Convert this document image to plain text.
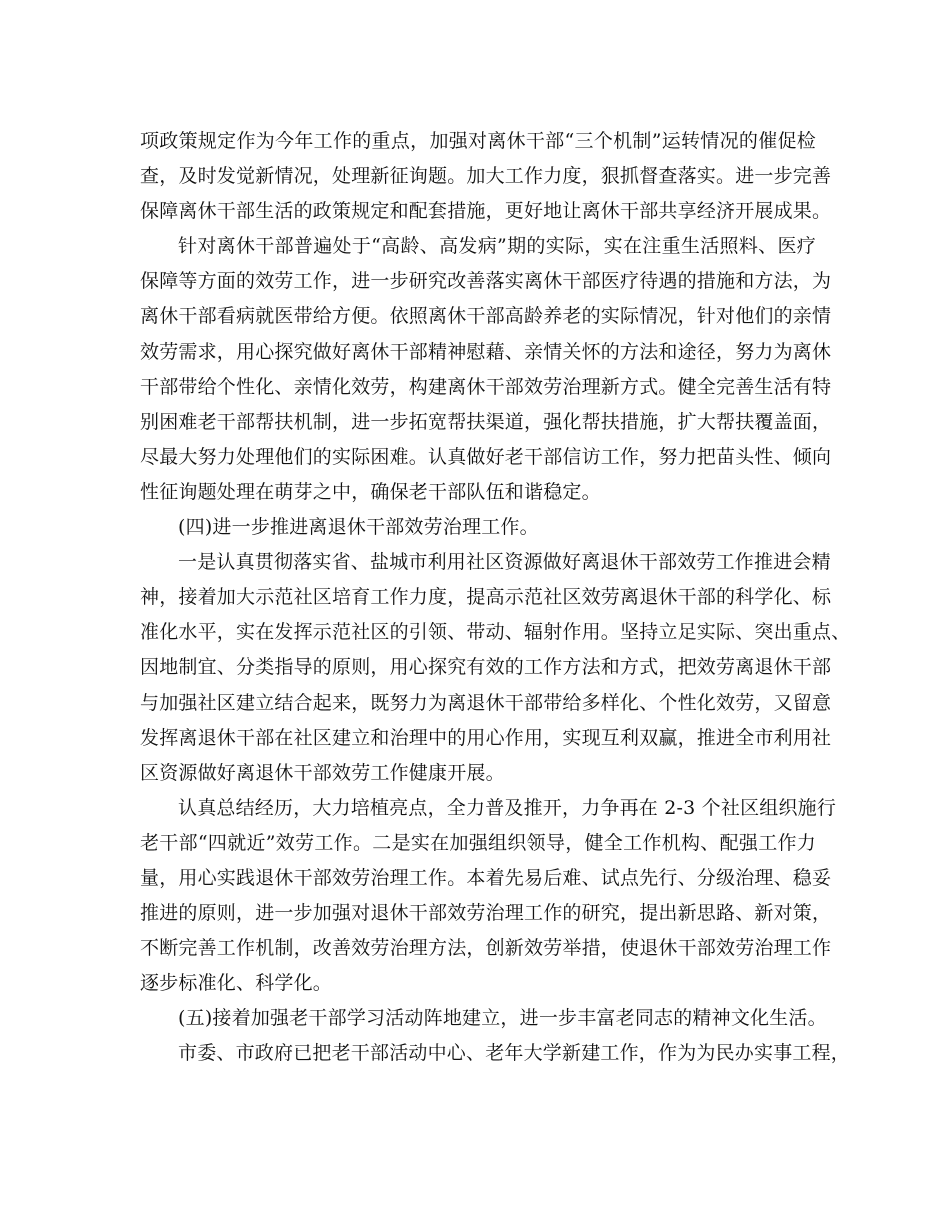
项政策规定作为今年工作的重点，加强对离休干部“三个机制”运转情况的催促检
查，及时发觉新情况，处理新征询题。加大工作力度，狠抓督查落实。进一步完善
保障离休干部生活的政策规定和配套措施，更好地让离休干部共享经济开展成果。
针对离休干部普遍处于“高龄、高发病”期的实际，实在注重生活照料、医疗
保障等方面的效劳工作，进一步研究改善落实离休干部医疗待遇的措施和方法，为
离休干部看病就医带给方便。依照离休干部高龄养老的实际情况，针对他们的亲情
效劳需求，用心探究做好离休干部精神慰藉、亲情关怀的方法和途径，努力为离休
干部带给个性化、亲情化效劳，构建离休干部效劳治理新方式。健全完善生活有特
别困难老干部帮扶机制，进一步拓宽帮扶渠道，强化帮扶措施，扩大帮扶覆盖面，
尽最大努力处理他们的实际困难。认真做好老干部信访工作，努力把苗头性、倾向
性征询题处理在萌芽之中，确保老干部队伍和谐稳定。
(四)进一步推进离退休干部效劳治理工作。
一是认真贯彻落实省、盐城市利用社区资源做好离退休干部效劳工作推进会精
神，接着加大示范社区培育工作力度，提高示范社区效劳离退休干部的科学化、标
准化水平，实在发挥示范社区的引领、带动、辐射作用。坚持立足实际、突出重点、
因地制宜、分类指导的原则，用心探究有效的工作方法和方式，把效劳离退休干部
与加强社区建立结合起来，既努力为离退休干部带给多样化、个性化效劳，又留意
发挥离退休干部在社区建立和治理中的用心作用，实现互利双赢，推进全市利用社
区资源做好离退休干部效劳工作健康开展。
认真总结经历，大力培植亮点，全力普及推开，力争再在 2-3 个社区组织施行
老干部“四就近”效劳工作。二是实在加强组织领导，健全工作机构、配强工作力
量，用心实践退休干部效劳治理工作。本着先易后难、试点先行、分级治理、稳妥
推进的原则，进一步加强对退休干部效劳治理工作的研究，提出新思路、新对策，
不断完善工作机制，改善效劳治理方法，创新效劳举措，使退休干部效劳治理工作
逐步标准化、科学化。
(五)接着加强老干部学习活动阵地建立，进一步丰富老同志的精神文化生活。
市委、市政府已把老干部活动中心、老年大学新建工作，作为为民办实事工程，
